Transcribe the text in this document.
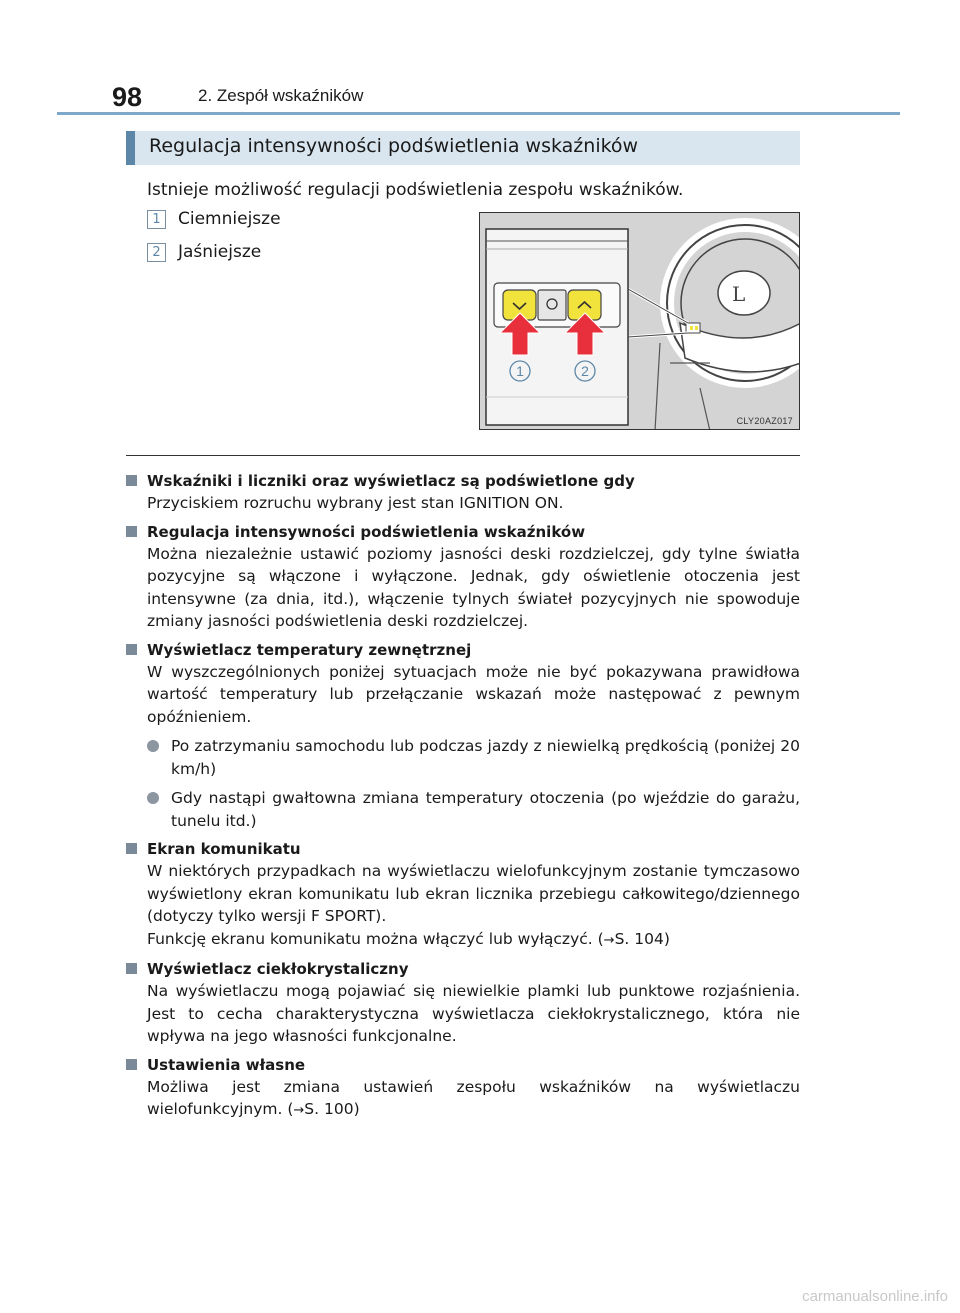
98	2. Zespół wskaźników
Regulacja intensywności podświetlenia wskaźników
Istnieje możliwość regulacji podświetlenia zespołu wskaźników.
1	Ciemniejsze
2	Jaśniejsze
L
1	2
CLY20AZ017
Wskaźniki i liczniki oraz wyświetlacz są podświetlone gdy
Przyciskiem rozruchu wybrany jest stan IGNITION ON.
Regulacja intensywności podświetlenia wskaźników
Można niezależnie ustawić poziomy jasności deski rozdzielczej, gdy tylne światła pozycyjne są włączone i wyłączone. Jednak, gdy oświetlenie otoczenia jest intensywne (za dnia, itd.), włączenie tylnych świateł pozycyjnych nie spowoduje zmiany jasności podświetlenia deski rozdzielczej.
Wyświetlacz temperatury zewnętrznej
W wyszczególnionych poniżej sytuacjach może nie być pokazywana prawidłowa wartość temperatury lub przełączanie wskazań może następować z pewnym opóźnieniem.
Po zatrzymaniu samochodu lub podczas jazdy z niewielką prędkością (poniżej 20 km/h)
Gdy nastąpi gwałtowna zmiana temperatury otoczenia (po wjeździe do garażu, tunelu itd.)
Ekran komunikatu
W niektórych przypadkach na wyświetlaczu wielofunkcyjnym zostanie tymczasowo wyświetlony ekran komunikatu lub ekran licznika przebiegu całkowitego/dziennego (dotyczy tylko wersji F SPORT).
Funkcję ekranu komunikatu można włączyć lub wyłączyć. (→S. 104)
Wyświetlacz ciekłokrystaliczny
Na wyświetlaczu mogą pojawiać się niewielkie plamki lub punktowe rozjaśnienia. Jest to cecha charakterystyczna wyświetlacza ciekłokrystalicznego, która nie wpływa na jego własności funkcjonalne.
Ustawienia własne
Możliwa jest zmiana ustawień zespołu wskaźników na wyświetlaczu wielofunkcyjnym. (→S. 100)
carmanualsonline.info
